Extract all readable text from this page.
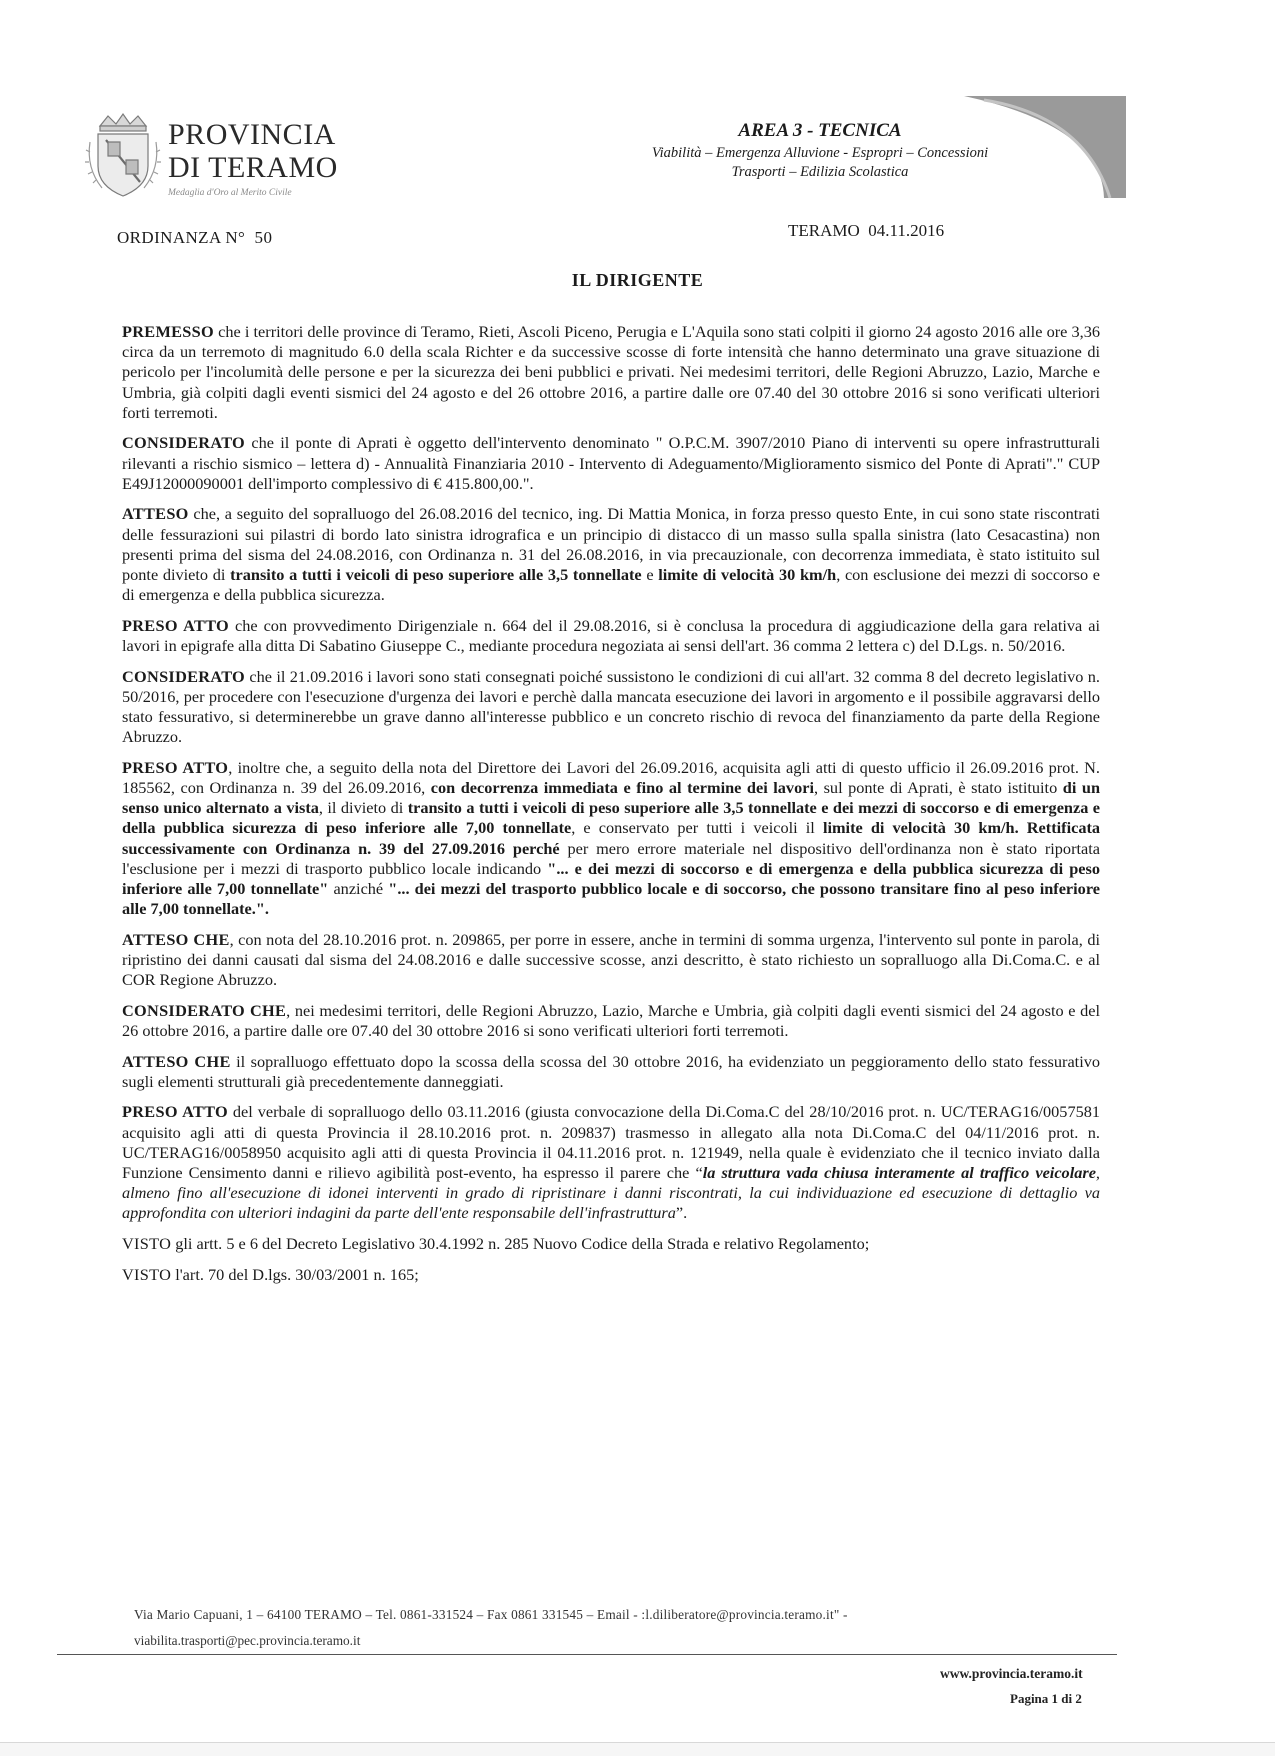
PROVINCIA
DI TERAMO
Medaglia d'Oro al Merito Civile
AREA 3 - TECNICA
Viabilità – Emergenza Alluvione - Espropri – Concessioni
Trasporti – Edilizia Scolastica
ORDINANZA N° 50	TERAMO 04.11.2016
IL DIRIGENTE

PREMESSO che i territori delle province di Teramo, Rieti, Ascoli Piceno, Perugia e L'Aquila sono stati colpiti il giorno 24 agosto 2016 alle ore 3,36 circa da un terremoto di magnitudo 6.0 della scala Richter e da successive scosse di forte intensità che hanno determinato una grave situazione di pericolo per l'incolumità delle persone e per la sicurezza dei beni pubblici e privati. Nei medesimi territori, delle Regioni Abruzzo, Lazio, Marche e Umbria, già colpiti dagli eventi sismici del 24 agosto e del 26 ottobre 2016, a partire dalle ore 07.40 del 30 ottobre 2016 si sono verificati ulteriori forti terremoti.

CONSIDERATO che il ponte di Aprati è oggetto dell'intervento denominato " O.P.C.M. 3907/2010 Piano di interventi su opere infrastrutturali rilevanti a rischio sismico – lettera d) - Annualità Finanziaria 2010 - Intervento di Adeguamento/Miglioramento sismico del Ponte di Aprati"." CUP E49J12000090001 dell'importo complessivo di € 415.800,00.".

ATTESO che, a seguito del sopralluogo del 26.08.2016 del tecnico, ing. Di Mattia Monica, in forza presso questo Ente, in cui sono state riscontrati delle fessurazioni sui pilastri di bordo lato sinistra idrografica e un principio di distacco di un masso sulla spalla sinistra (lato Cesacastina) non presenti prima del sisma del 24.08.2016, con Ordinanza n. 31 del 26.08.2016, in via precauzionale, con decorrenza immediata, è stato istituito sul ponte divieto di transito a tutti i veicoli di peso superiore alle 3,5 tonnellate e limite di velocità 30 km/h, con esclusione dei mezzi di soccorso e di emergenza e della pubblica sicurezza.

PRESO ATTO che con provvedimento Dirigenziale n. 664 del il 29.08.2016, si è conclusa la procedura di aggiudicazione della gara relativa ai lavori in epigrafe alla ditta Di Sabatino Giuseppe C., mediante procedura negoziata ai sensi dell'art. 36 comma 2 lettera c) del D.Lgs. n. 50/2016.

CONSIDERATO che il 21.09.2016 i lavori sono stati consegnati poiché sussistono le condizioni di cui all'art. 32 comma 8 del decreto legislativo n. 50/2016, per procedere con l'esecuzione d'urgenza dei lavori e perchè dalla mancata esecuzione dei lavori in argomento e il possibile aggravarsi dello stato fessurativo, si determinerebbe un grave danno all'interesse pubblico e un concreto rischio di revoca del finanziamento da parte della Regione Abruzzo.

PRESO ATTO, inoltre che, a seguito della nota del Direttore dei Lavori del 26.09.2016, acquisita agli atti di questo ufficio il 26.09.2016 prot. N. 185562, con Ordinanza n. 39 del 26.09.2016, con decorrenza immediata e fino al termine dei lavori, sul ponte di Aprati, è stato istituito di un senso unico alternato a vista, il divieto di transito a tutti i veicoli di peso superiore alle 3,5 tonnellate e dei mezzi di soccorso e di emergenza e della pubblica sicurezza di peso inferiore alle 7,00 tonnellate, e conservato per tutti i veicoli il limite di velocità 30 km/h. Rettificata successivamente con Ordinanza n. 39 del 27.09.2016 perché per mero errore materiale nel dispositivo dell'ordinanza non è stato riportata l'esclusione per i mezzi di trasporto pubblico locale indicando "... e dei mezzi di soccorso e di emergenza e della pubblica sicurezza di peso inferiore alle 7,00 tonnellate" anziché "... dei mezzi del trasporto pubblico locale e di soccorso, che possono transitare fino al peso inferiore alle 7,00 tonnellate.".

ATTESO CHE, con nota del 28.10.2016 prot. n. 209865, per porre in essere, anche in termini di somma urgenza, l'intervento sul ponte in parola, di ripristino dei danni causati dal sisma del 24.08.2016 e dalle successive scosse, anzi descritto, è stato richiesto un sopralluogo alla Di.Coma.C. e al COR Regione Abruzzo.

CONSIDERATO CHE, nei medesimi territori, delle Regioni Abruzzo, Lazio, Marche e Umbria, già colpiti dagli eventi sismici del 24 agosto e del 26 ottobre 2016, a partire dalle ore 07.40 del 30 ottobre 2016 si sono verificati ulteriori forti terremoti.

ATTESO CHE il sopralluogo effettuato dopo la scossa della scossa del 30 ottobre 2016, ha evidenziato un peggioramento dello stato fessurativo sugli elementi strutturali già precedentemente danneggiati.

PRESO ATTO del verbale di sopralluogo dello 03.11.2016 (giusta convocazione della Di.Coma.C del 28/10/2016 prot. n. UC/TERAG16/0057581 acquisito agli atti di questa Provincia il 28.10.2016 prot. n. 209837) trasmesso in allegato alla nota Di.Coma.C del 04/11/2016 prot. n. UC/TERAG16/0058950 acquisito agli atti di questa Provincia il 04.11.2016 prot. n. 121949, nella quale è evidenziato che il tecnico inviato dalla Funzione Censimento danni e rilievo agibilità post-evento, ha espresso il parere che “la struttura vada chiusa interamente al traffico veicolare, almeno fino all'esecuzione di idonei interventi in grado di ripristinare i danni riscontrati, la cui individuazione ed esecuzione di dettaglio va approfondita con ulteriori indagini da parte dell'ente responsabile dell'infrastruttura”.

VISTO gli artt. 5 e 6 del Decreto Legislativo 30.4.1992 n. 285 Nuovo Codice della Strada e relativo Regolamento;

VISTO l'art. 70 del D.lgs. 30/03/2001 n. 165;

Via Mario Capuani, 1 – 64100 TERAMO – Tel. 0861-331524 – Fax 0861 331545 – Email - :l.diliberatore@provincia.teramo.it" -
viabilita.trasporti@pec.provincia.teramo.it
www.provincia.teramo.it
Pagina 1 di 2
